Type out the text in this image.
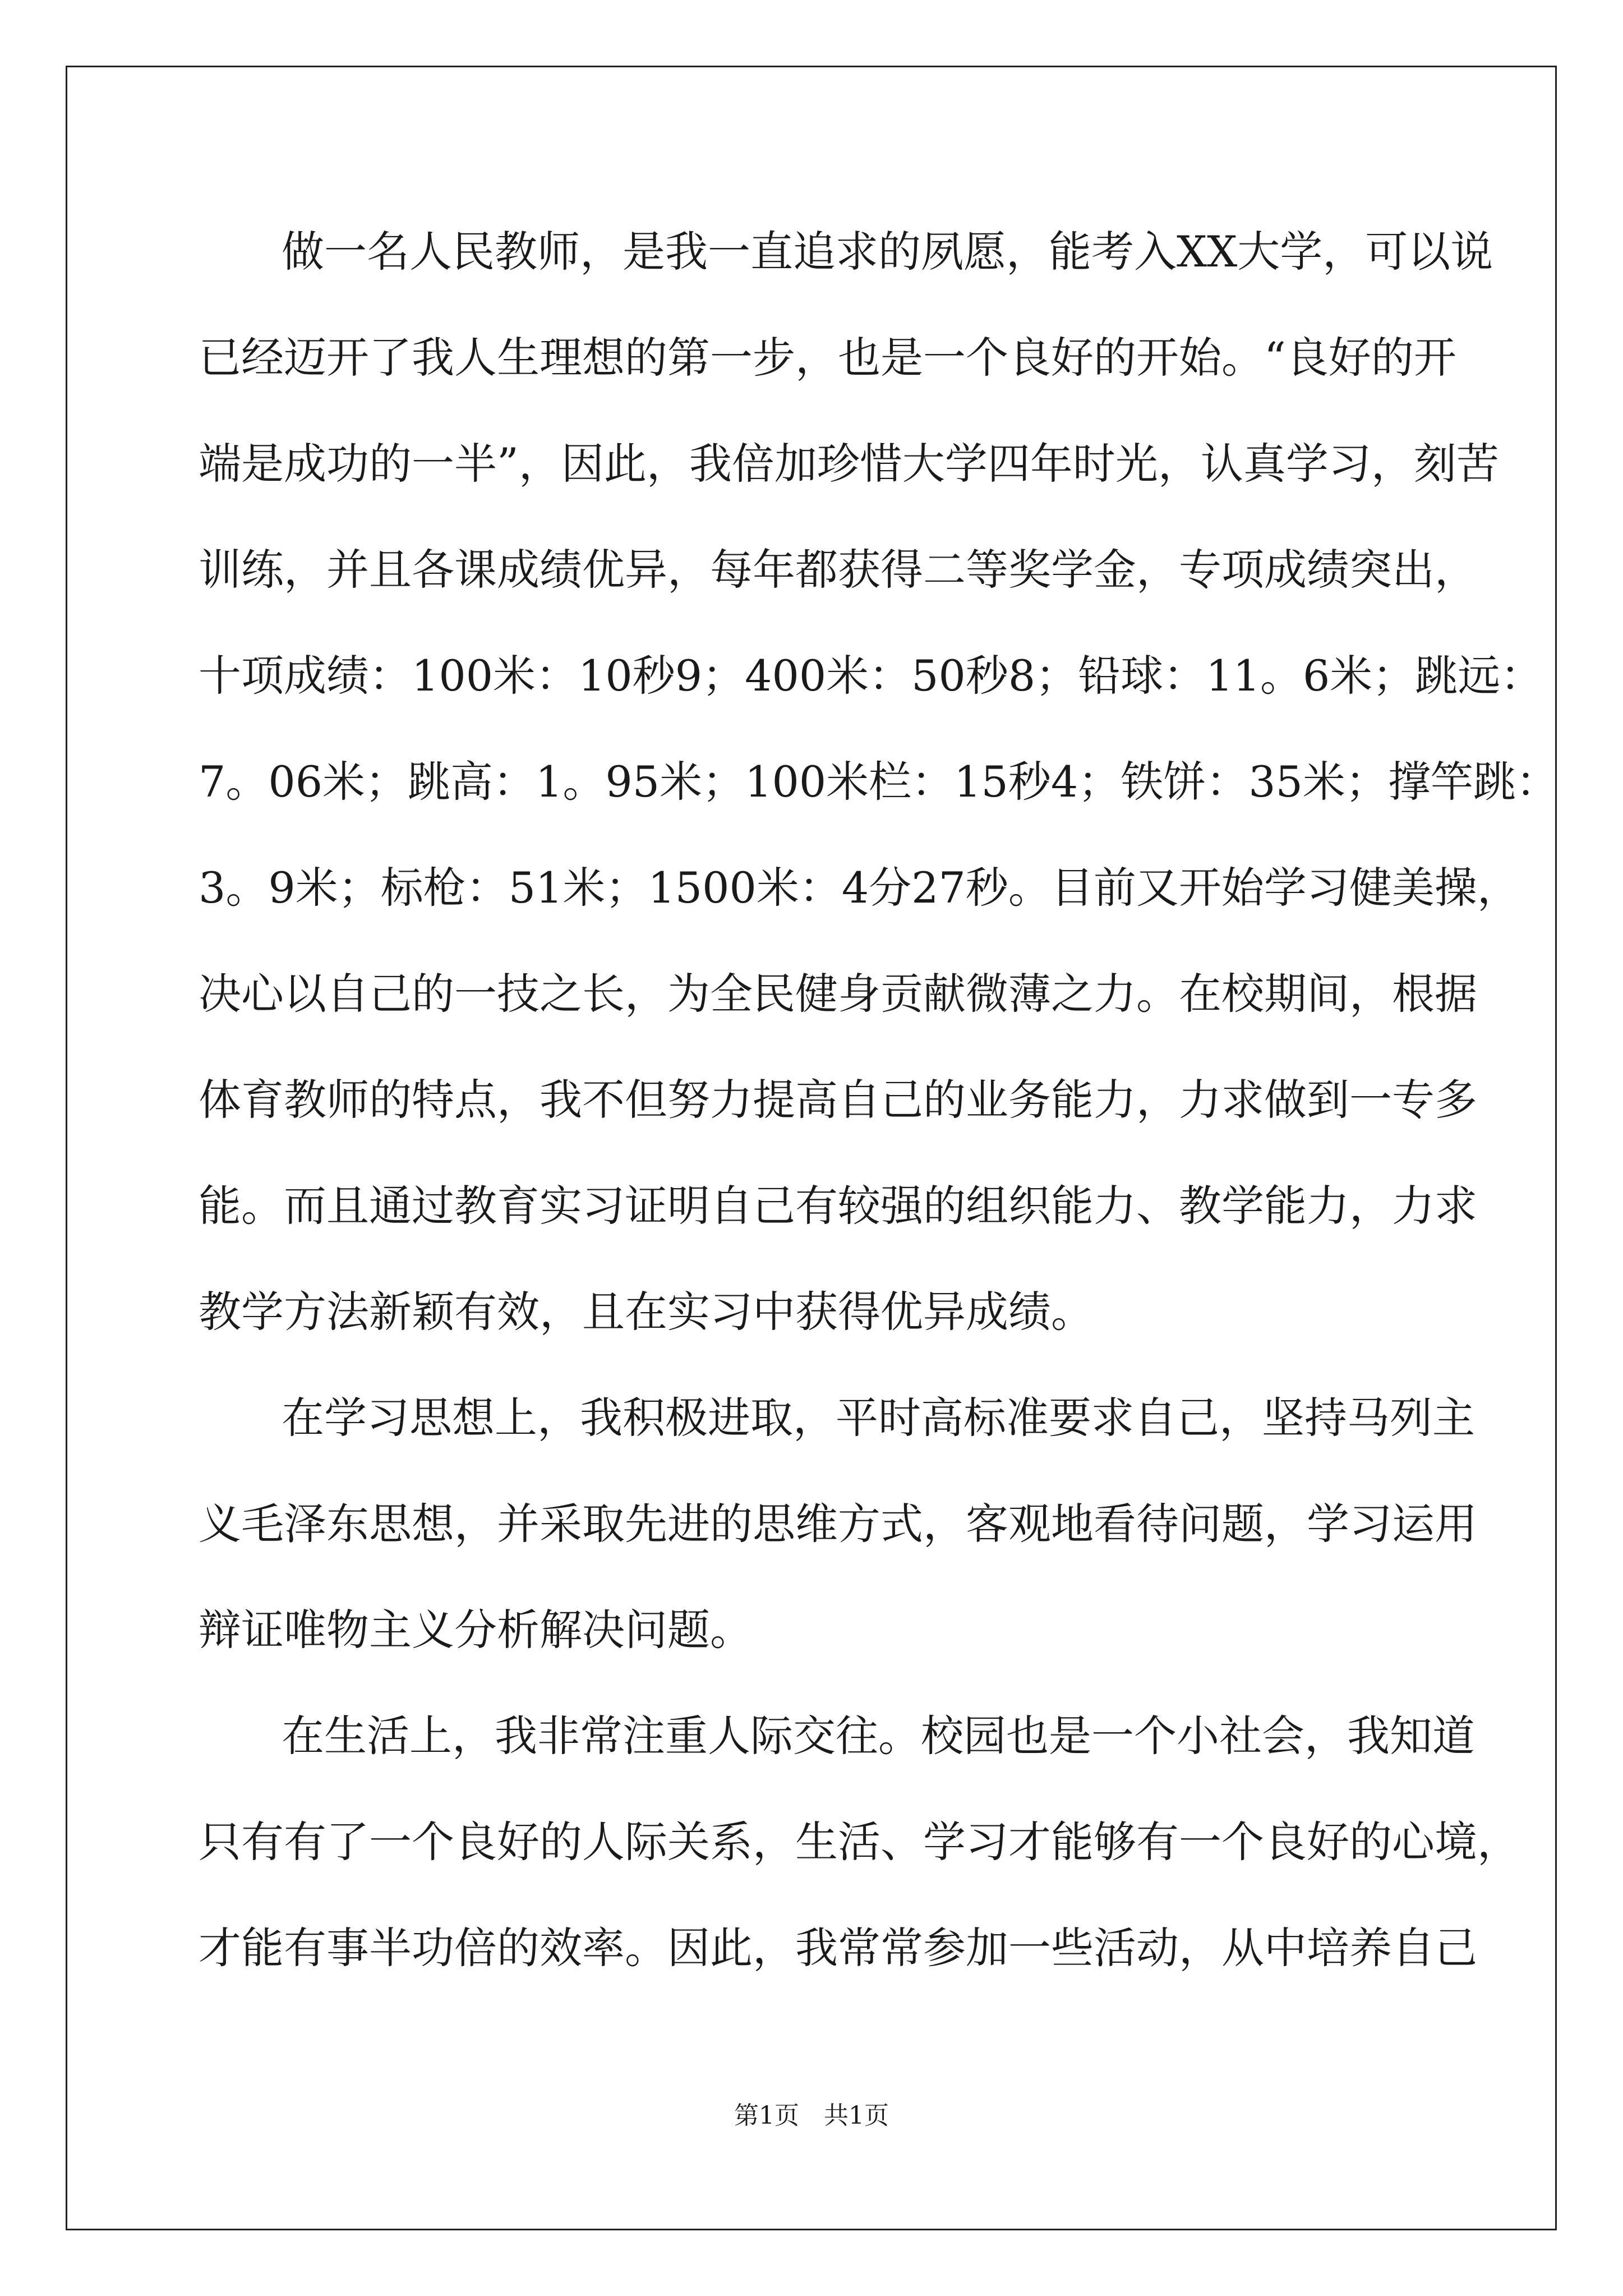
做一名人民教师，是我一直追求的夙愿，能考入XX大学，可以说
已经迈开了我人生理想的第一步，也是一个良好的开始。“良好的开
端是成功的一半”，因此，我倍加珍惜大学四年时光，认真学习，刻苦
训练，并且各课成绩优异，每年都获得二等奖学金，专项成绩突出，
十项成绩：100米：10秒9；400米：50秒8；铅球：11。6米；跳远：
7。06米；跳高：1。95米；100米栏：15秒4；铁饼：35米；撑竿跳：
3。9米；标枪：51米；1500米：4分27秒。目前又开始学习健美操，
决心以自己的一技之长，为全民健身贡献微薄之力。在校期间，根据
体育教师的特点，我不但努力提高自己的业务能力，力求做到一专多
能。而且通过教育实习证明自己有较强的组织能力、教学能力，力求
教学方法新颖有效，且在实习中获得优异成绩。
在学习思想上，我积极进取，平时高标准要求自己，坚持马列主
义毛泽东思想，并采取先进的思维方式，客观地看待问题，学习运用
辩证唯物主义分析解决问题。
在生活上，我非常注重人际交往。校园也是一个小社会，我知道
只有有了一个良好的人际关系，生活、学习才能够有一个良好的心境，
才能有事半功倍的效率。因此，我常常参加一些活动，从中培养自己
第1页 共1页
